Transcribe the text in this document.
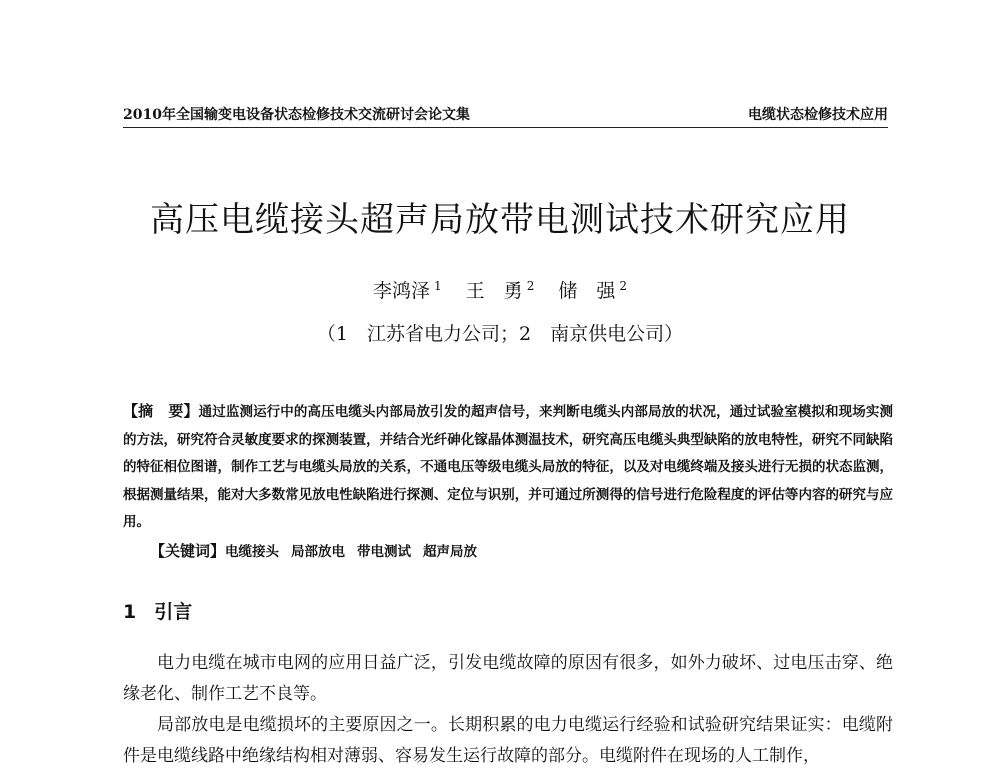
2010年全国输变电设备状态检修技术交流研讨会论文集	电缆状态检修技术应用
高压电缆接头超声局放带电测试技术研究应用
李鸿泽 $^1$ 王　勇 $^2$ 储　强 $^2$
（1　江苏省电力公司；2　南京供电公司）
【摘　要】通过监测运行中的高压电缆头内部局放引发的超声信号，来判断电缆头内部局放的状况，通过试验室模拟和现场实测的方法，研究符合灵敏度要求的探测装置，并结合光纤砷化镓晶体测温技术，研究高压电缆头典型缺陷的放电特性，研究不同缺陷的特征相位图谱，制作工艺与电缆头局放的关系，不通电压等级电缆头局放的特征，以及对电缆终端及接头进行无损的状态监测，根据测量结果，能对大多数常见放电性缺陷进行探测、定位与识别，并可通过所测得的信号进行危险程度的评估等内容的研究与应用。
【关键词】电缆接头 局部放电 带电测试 超声局放
1 引言

电力电缆在城市电网的应用日益广泛，引发电缆故障的原因有很多，如外力破坏、过电压击穿、绝缘老化、制作工艺不良等。

局部放电是电缆损坏的主要原因之一。长期积累的电力电缆运行经验和试验研究结果证实：电缆附件是电缆线路中绝缘结构相对薄弱、容易发生运行故障的部分。电缆附件在现场的人工制作，
